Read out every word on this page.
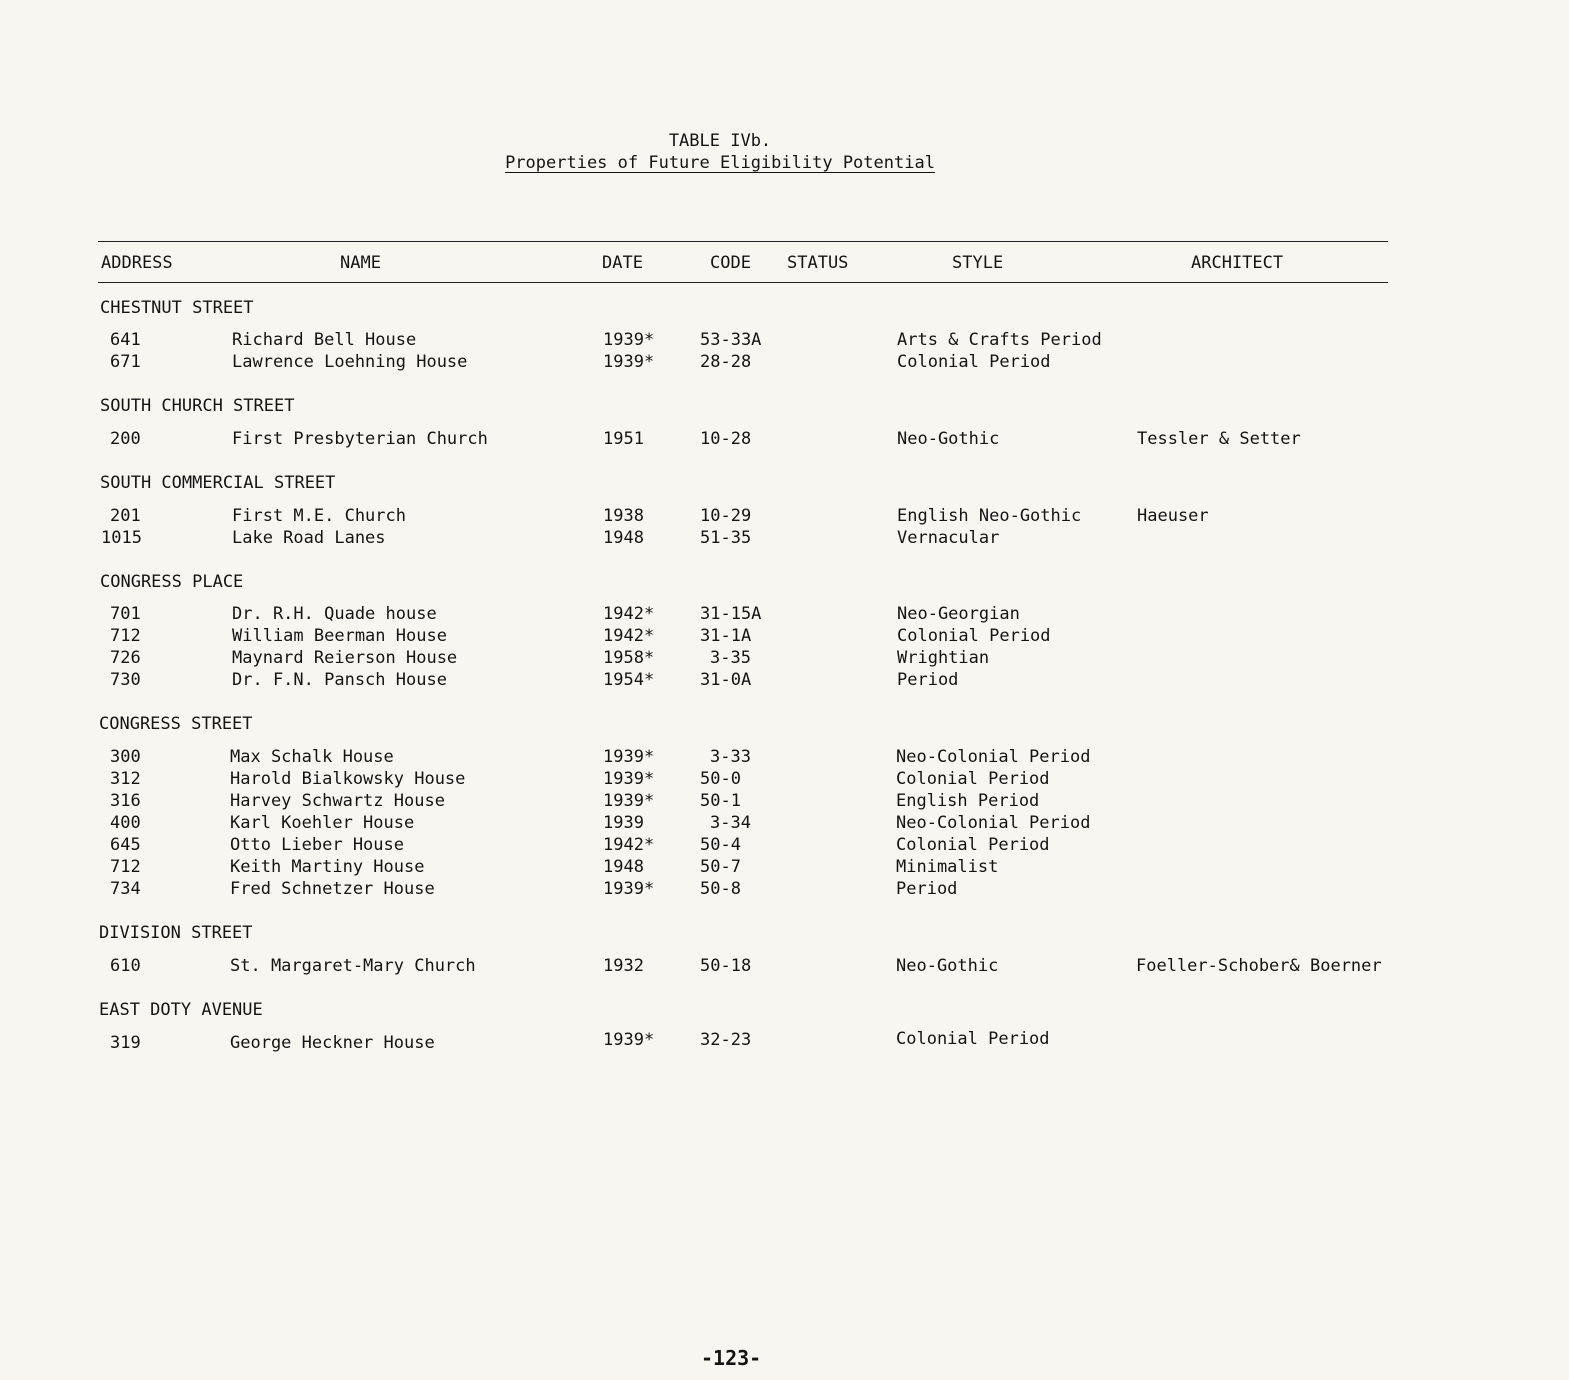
TABLE IVb.
Properties of Future Eligibility Potential
ADDRESS	NAME	DATE	CODE STATUS	STYLE	ARCHITECT
CHESTNUT STREET
641	Richard Bell House	1939*	53-33A	Arts & Crafts Period
671	Lawrence Loehning House	1939*	28-28	Colonial Period
SOUTH CHURCH STREET
200	First Presbyterian Church	1951	10-28	Neo-Gothic	Tessler & Setter
SOUTH COMMERCIAL STREET
201	First M.E. Church	1938	10-29	English Neo-Gothic	Haeuser
1015	Lake Road Lanes	1948	51-35	Vernacular
CONGRESS PLACE
701	Dr. R.H. Quade house	1942*	31-15A	Neo-Georgian
712	William Beerman House	1942*	31-1A	Colonial Period
726	Maynard Reierson House	1958*	3-35	Wrightian
730	Dr. F.N. Pansch House	1954*	31-0A	Period
CONGRESS STREET
300	Max Schalk House	1939*	3-33	Neo-Colonial Period
312	Harold Bialkowsky House	1939*	50-0	Colonial Period
316	Harvey Schwartz House	1939*	50-1	English Period
400	Karl Koehler House	1939	3-34	Neo-Colonial Period
645	Otto Lieber House	1942*	50-4	Colonial Period
712	Keith Martiny House	1948	50-7	Minimalist
734	Fred Schnetzer House	1939*	50-8	Period
DIVISION STREET
610	St. Margaret-Mary Church	1932	50-18	Neo-Gothic	Foeller-Schober& Boerner
EAST DOTY AVENUE
319	George Heckner House	1939*	32-23	Colonial Period
-123-
